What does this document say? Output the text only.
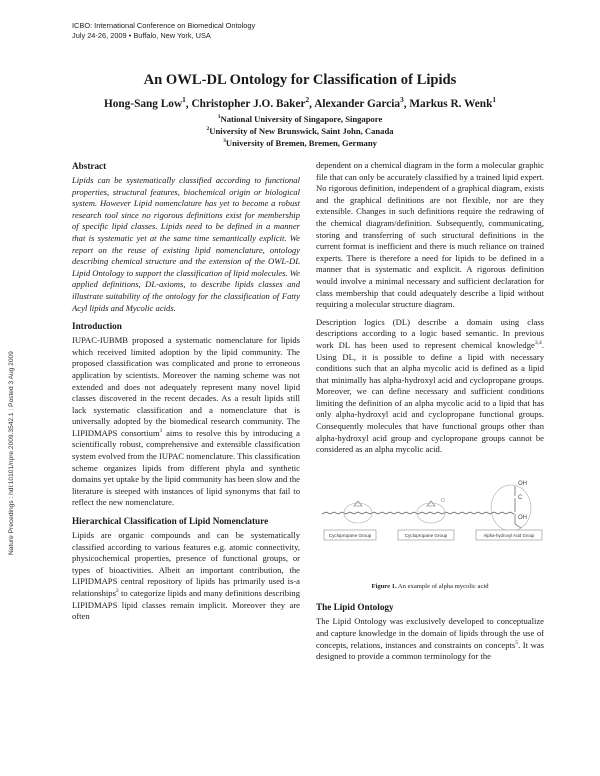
ICBO: International Conference on Biomedical Ontology
July 24-26, 2009 • Buffalo, New York, USA
Nature Precedings : hdl:10101/npre.2009.3542.1 : Posted 3 Aug 2009
An OWL-DL Ontology for Classification of Lipids
Hong-Sang Low$^1$, Christopher J.O. Baker$^2$, Alexander Garcia$^3$, Markus R. Wenk$^1$
$^1$National University of Singapore, Singapore
$^2$University of New Brunswick, Saint John, Canada
$^3$University of Bremen, Bremen, Germany
Abstract

Lipids can be systematically classified according to functional properties, structural features, biochemical origin or biological system. However Lipid nomenclature has yet to become a robust research tool since no rigorous definitions exist for membership of specific lipid classes. Lipids need to be defined in a manner that is systematic yet at the same time semantically explicit. We report on the reuse of existing lipid nomenclature, ontology describing chemical structure and the extension of the OWL-DL Lipid Ontology to support the classification of lipid molecules. We applied definitions, DL-axioms, to describe lipids classes and illustrate suitability of the ontology for the classification of Fatty Acyl lipids and Mycolic acids.

Introduction

IUPAC-IUBMB proposed a systematic nomenclature for lipids which received limited adoption by the lipid community. The proposed classification was complicated and prone to erroneous application by scientists. Moreover the naming scheme was not extended and does not adequately represent many novel lipid classes discovered in the recent decades. As a result lipids still lack systematic classification and a nomenclature that is universally adopted by the biomedical research community. The LIPIDMAPS consortium$^1$ aims to resolve this by introducing a scientifically robust, comprehensive and extensible classification system evolved from the IUPAC nomenclature. This classification scheme organizes lipids from different phyla and synthetic domains yet uptake by the lipid community has been slow and the literature is steeped with instances of lipid synonyms that fail to reflect the new nomenclature.

Hierarchical Classification of Lipid Nomenclature

Lipids are organic compounds and can be systematically classified according to various features e.g. atomic connectivity, physicochemical properties, presence of functional groups, or types of bioactivities. Albeit an important contribution, the LIPIDMAPS central repository of lipids has primarily used is-a relationships$^2$ to categorize lipids and many definitions describing LIPIDMAPS lipid classes remain implicit. Moreover they are often

dependent on a chemical diagram in the form a molecular graphic file that can only be accurately classified by a trained lipid expert. No rigorous definition, independent of a graphical diagram, exists and the graphical definitions are not flexible, nor are they extensible. Changes in such definitions require the redrawing of the chemical diagram/definition. Subsequently, communicating, storing and transferring of such structural definitions in the current format is inefficient and there is much reliance on trained experts. There is therefore a need for lipids to be defined in a manner that is systematic and explicit. A rigorous definition would involve a minimal necessary and sufficient declaration for class membership that could adequately describe a lipid without requiring a molecular structure diagram.

Description logics (DL) describe a domain using class descriptions according to a logic based semantic. In previous work DL has been used to represent chemical knowledge$^{3,4}$. Using DL, it is possible to define a lipid with necessary conditions such that an alpha mycolic acid is defined as a lipid that minimally has alpha-hydroxyl acid and cyclopropane groups. Moreover, we can define necessary and sufficient conditions limiting the definition of an alpha mycolic acid to a lipid that has only alpha-hydroxyl acid and cyclopropane functional groups. Consequently molecules that have functional groups other than alpha-hydroxyl acid group and cyclopropane groups cannot be considered as an alpha mycolic acid.

OH
C
OH
O
Cyclopropane Group	Cyclopropane Group	Alpha-hydroxyl Acid Group
Figure 1. An example of alpha mycolic acid
The Lipid Ontology

The Lipid Ontology was exclusively developed to conceptualize and capture knowledge in the domain of lipids through the use of concepts, relations, instances and constraints on concepts$^5$. It was designed to provide a common terminology for the
